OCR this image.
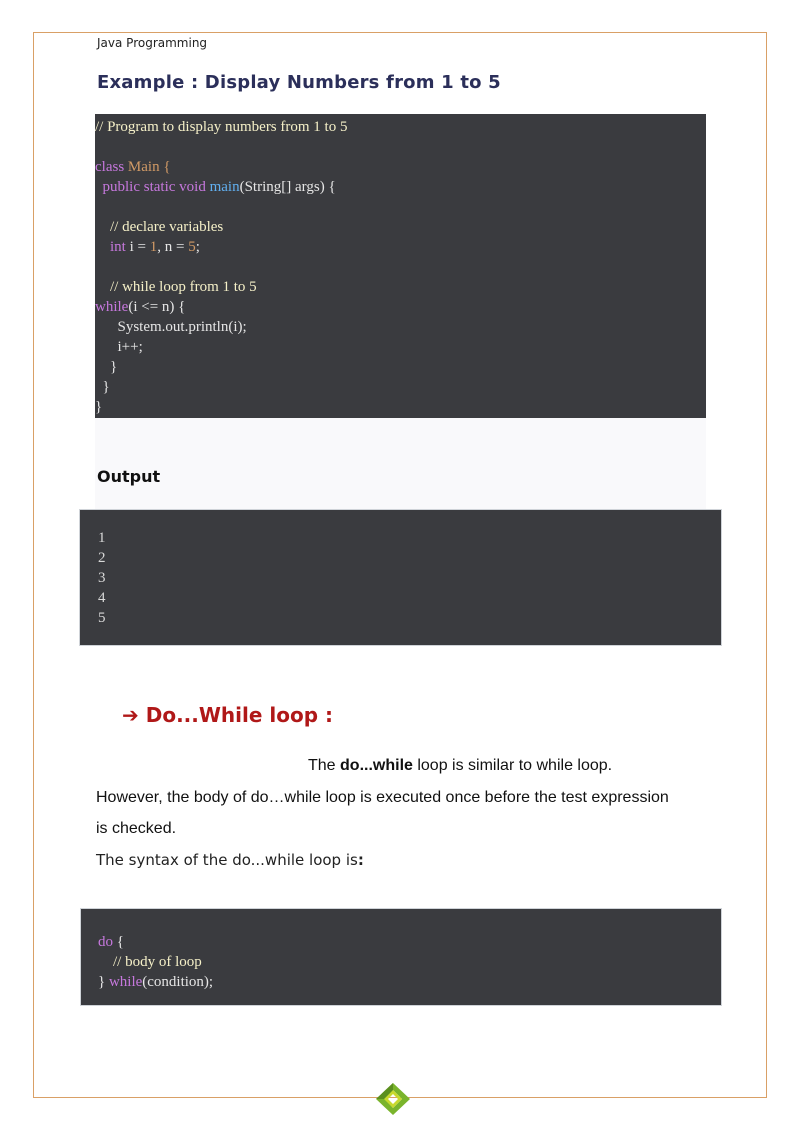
Java Programming
Example : Display Numbers from 1 to 5
// Program to display numbers from 1 to 5
class Main {
public static void main(String[] args) {
// declare variables
int i = 1, n = 5;
// while loop from 1 to 5
while(i <= n) {
System.out.println(i);
i++;
}
}
}
Output
1
2
3
4
5
➔ Do...While loop :
The do...while loop is similar to while loop.
However, the body of do…while loop is executed once before the test expression
is checked.
The syntax of the do...while loop is:
do {
// body of loop
} while(condition);
